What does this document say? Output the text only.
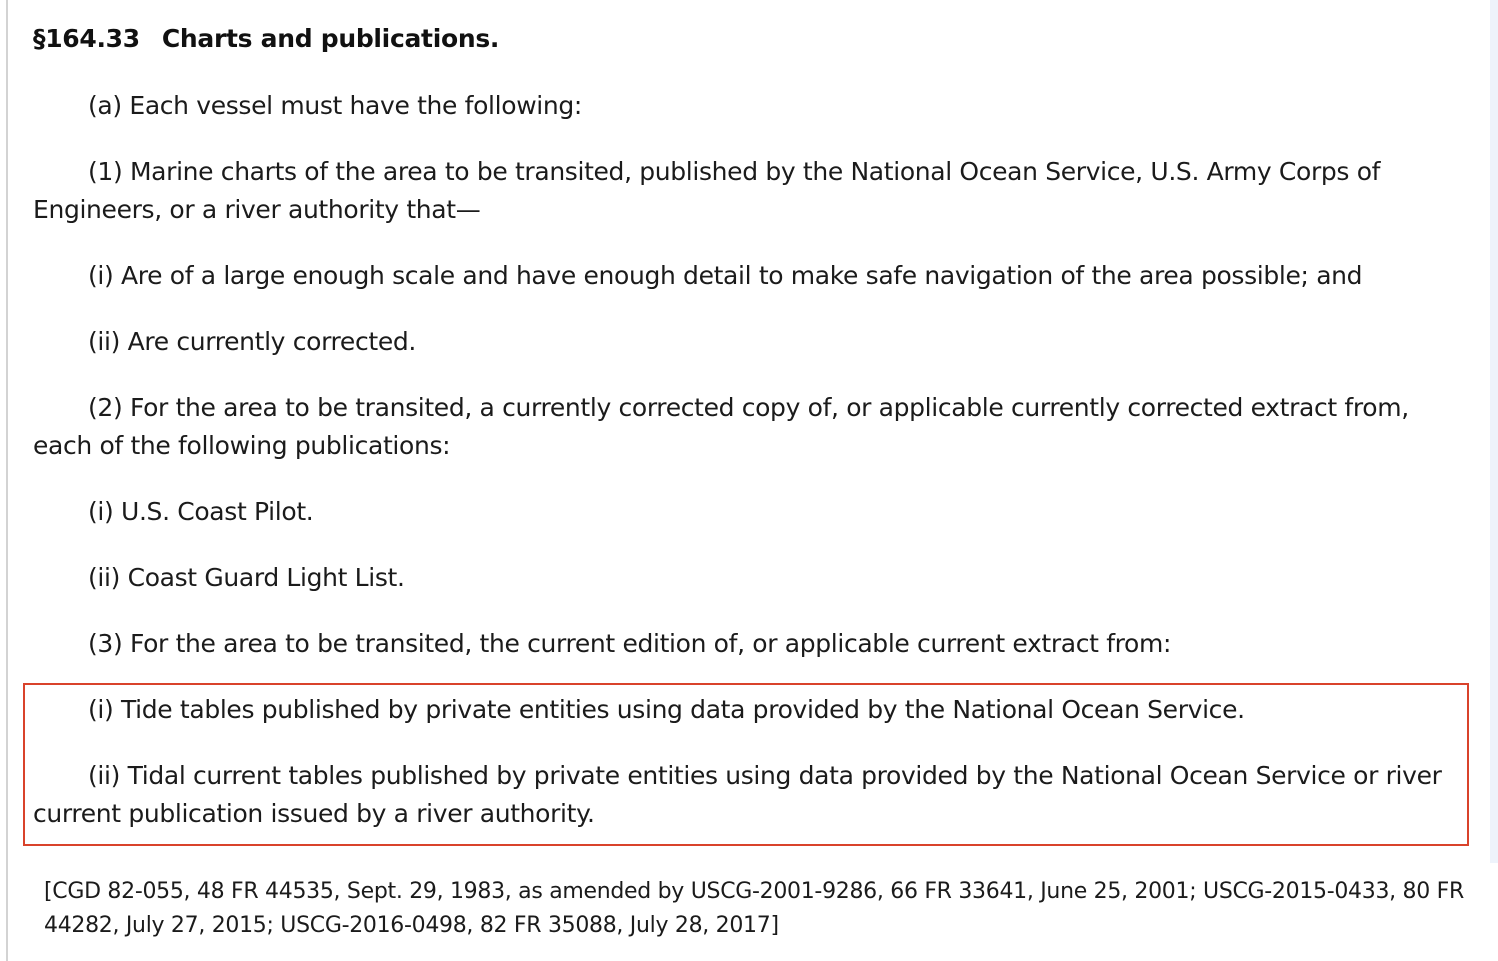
§164.33 Charts and publications.
(a) Each vessel must have the following:
(1) Marine charts of the area to be transited, published by the National Ocean Service, U.S. Army Corps of Engineers, or a river authority that—
(i) Are of a large enough scale and have enough detail to make safe navigation of the area possible; and
(ii) Are currently corrected.
(2) For the area to be transited, a currently corrected copy of, or applicable currently corrected extract from, each of the following publications:
(i) U.S. Coast Pilot.
(ii) Coast Guard Light List.
(3) For the area to be transited, the current edition of, or applicable current extract from:
(i) Tide tables published by private entities using data provided by the National Ocean Service.
(ii) Tidal current tables published by private entities using data provided by the National Ocean Service or river current publication issued by a river authority.
[CGD 82-055, 48 FR 44535, Sept. 29, 1983, as amended by USCG-2001-9286, 66 FR 33641, June 25, 2001; USCG-2015-0433, 80 FR 44282, July 27, 2015; USCG-2016-0498, 82 FR 35088, July 28, 2017]
